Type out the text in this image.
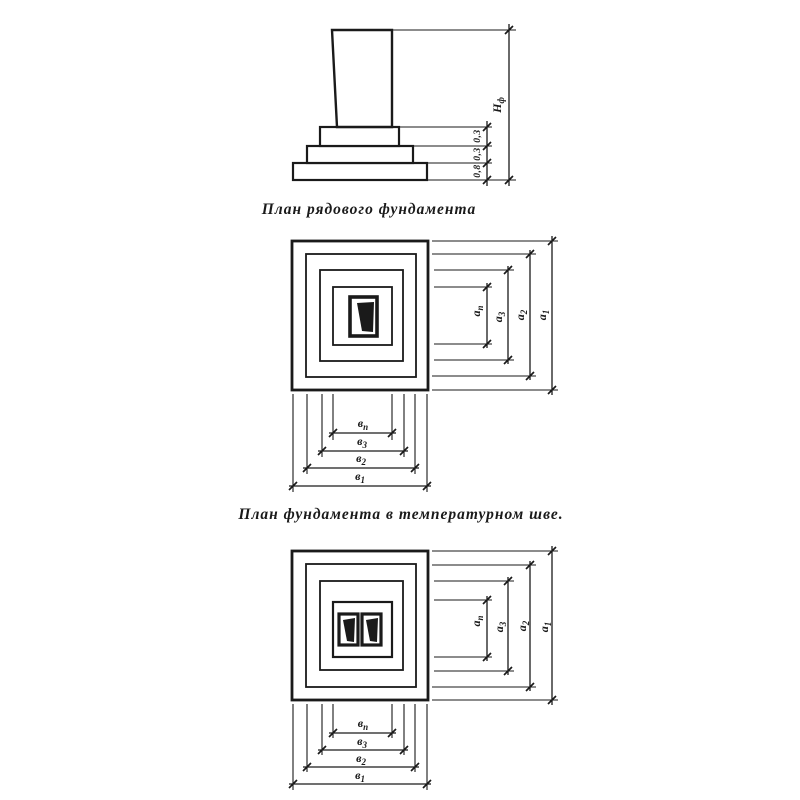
$Н_ф$
0,3
0,3
0,8
План рядового фундамента
$а_п$
$а_3$
$а_2$
$а_1$
$в_п$
$в_3$
$в_2$
$в_1$
План фундамента в температурном шве.
$а_п$
$а_3$
$а_2$
$а_1$
$в_п$
$в_3$
$в_2$
$в_1$
